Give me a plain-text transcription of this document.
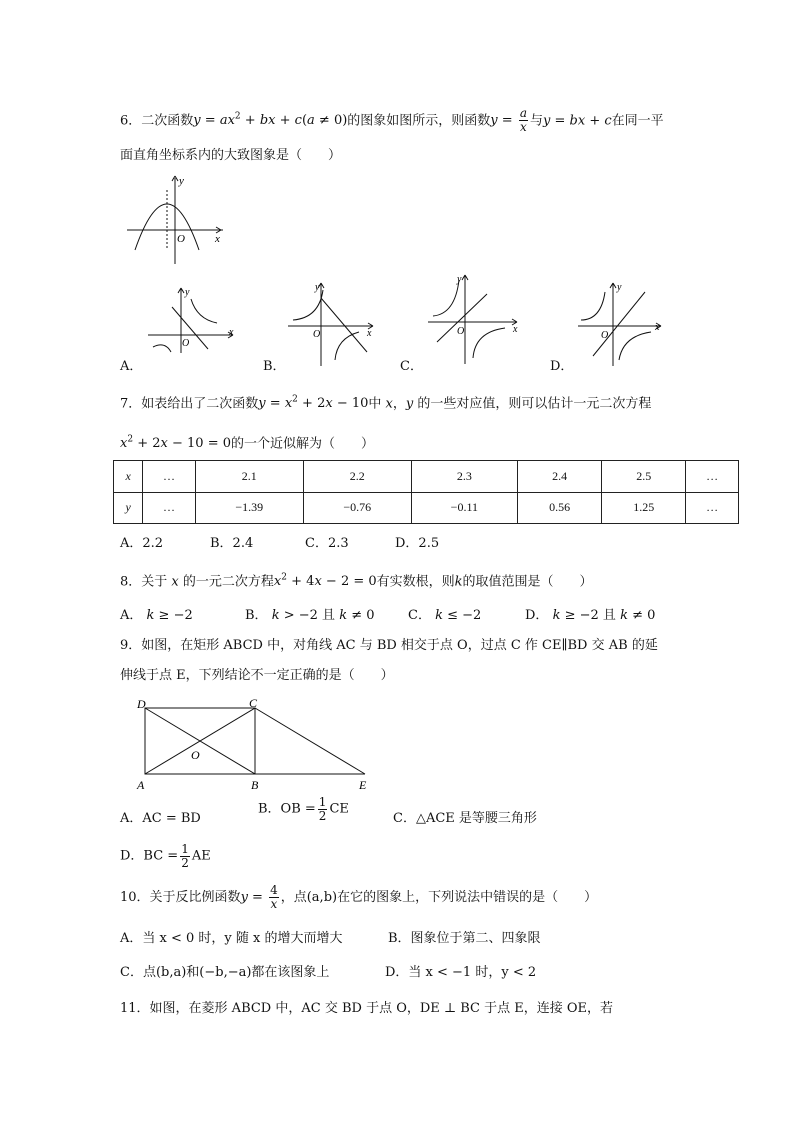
6．二次函数$y = ax^2$ + bx + c(a ≠ 0)的图象如图所示，则函数$y = \frac{a}{x}$ 与y = bx + c在同一平
面直角坐标系内的大致图象是（　　）
y
x
O
y
x
O
A．
y
x
O
B．
y
x
O
C．
y
x
O
D．
7．如表给出了二次函数$y = x^2 + 2x - 10$中 x，y 的一些对应值，则可以估计一元二次方程
$x^2 + 2x - 10 = 0$的一个近似解为（　　）
x	…	2.1	2.2	2.3	2.4	2.5	…
y	…	−1.39	−0.76	−0.11	0.56	1.25	…
A．2.2	B．2.4	C．2.3	D．2.5
8．关于 x 的一元二次方程$x^2 + 4x - 2 = 0$有实数根，则k的取值范围是（　　）
A． k ≥ −2	B． k > −2 且 k ≠ 0	C． k ≤ −2	D． k ≥ −2 且 k ≠ 0
9．如图，在矩形 ABCD 中，对角线 AC 与 BD 相交于点 O，过点 C 作 CE∥BD 交 AB 的延
伸线于点 E，下列结论不一定正确的是（　　）
D	C
O
A	B	E
A．AC = BD
B．OB = $\frac{1}{2}$ CE
C．△ACE 是等腰三角形
D．BC = $\frac{1}{2}$ AE
10．关于反比例函数$y = \frac{4}{x}$ ，点(a,b)在它的图象上，下列说法中错误的是（　　）
A．当 x < 0 时，y 随 x 的增大而增大	B．图象位于第二、四象限
C．点(b,a)和(−b,−a)都在该图象上	D．当 x < −1 时，y < 2
11．如图，在菱形 ABCD 中，AC 交 BD 于点 O，DE ⊥ BC 于点 E，连接 OE，若
